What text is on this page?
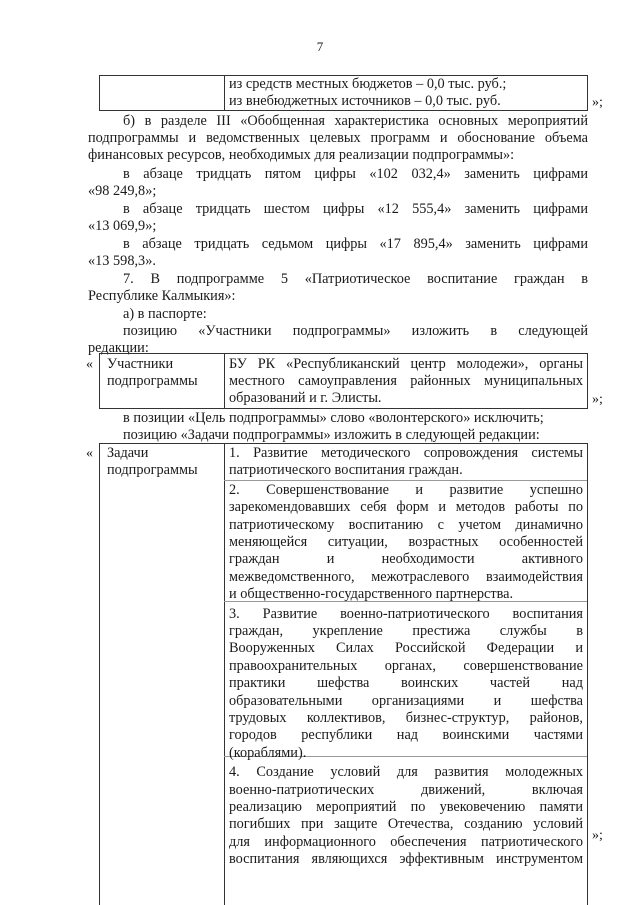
7
из средств местных бюджетов – 0,0 тыс. руб.;
из внебюджетных источников – 0,0 тыс. руб.	»;
б) в разделе III «Обобщенная характеристика основных мероприятий
подпрограммы и ведомственных целевых программ и обоснование объема
финансовых ресурсов, необходимых для реализации подпрограммы»:
в абзаце тридцать пятом цифры «102 032,4» заменить цифрами
«98 249,8»;
в абзаце тридцать шестом цифры «12 555,4» заменить цифрами
«13 069,9»;
в абзаце тридцать седьмом цифры «17 895,4» заменить цифрами
«13 598,3».
7. В подпрограмме 5 «Патриотическое воспитание граждан в
Республике Калмыкия»:
а) в паспорте:
позицию «Участники подпрограммы» изложить в следующей
редакции:
« Участники
подпрограммы
БУ РК «Республиканский центр молодежи», органы
местного самоуправления районных муниципальных
образований и г. Элисты.	»;
в позиции «Цель подпрограммы» слово «волонтерского» исключить;
позицию «Задачи подпрограммы» изложить в следующей редакции:
« Задачи
подпрограммы
1. Развитие методического сопровождения системы
патриотического воспитания граждан.
2. Совершенствование и развитие успешно
зарекомендовавших себя форм и методов работы по
патриотическому воспитанию с учетом динамично
меняющейся ситуации, возрастных особенностей
граждан и необходимости активного
межведомственного, межотраслевого взаимодействия
и общественно-государственного партнерства.
3. Развитие военно-патриотического воспитания
граждан, укрепление престижа службы в
Вооруженных Силах Российской Федерации и
правоохранительных органах, совершенствование
практики шефства воинских частей над
образовательными организациями и шефства
трудовых коллективов, бизнес-структур, районов,
городов республики над воинскими частями
(кораблями).
4. Создание условий для развития молодежных
военно-патриотических движений, включая
реализацию мероприятий по увековечению памяти
погибших при защите Отечества, созданию условий
для информационного обеспечения патриотического
воспитания являющихся эффективным инструментом
»;
